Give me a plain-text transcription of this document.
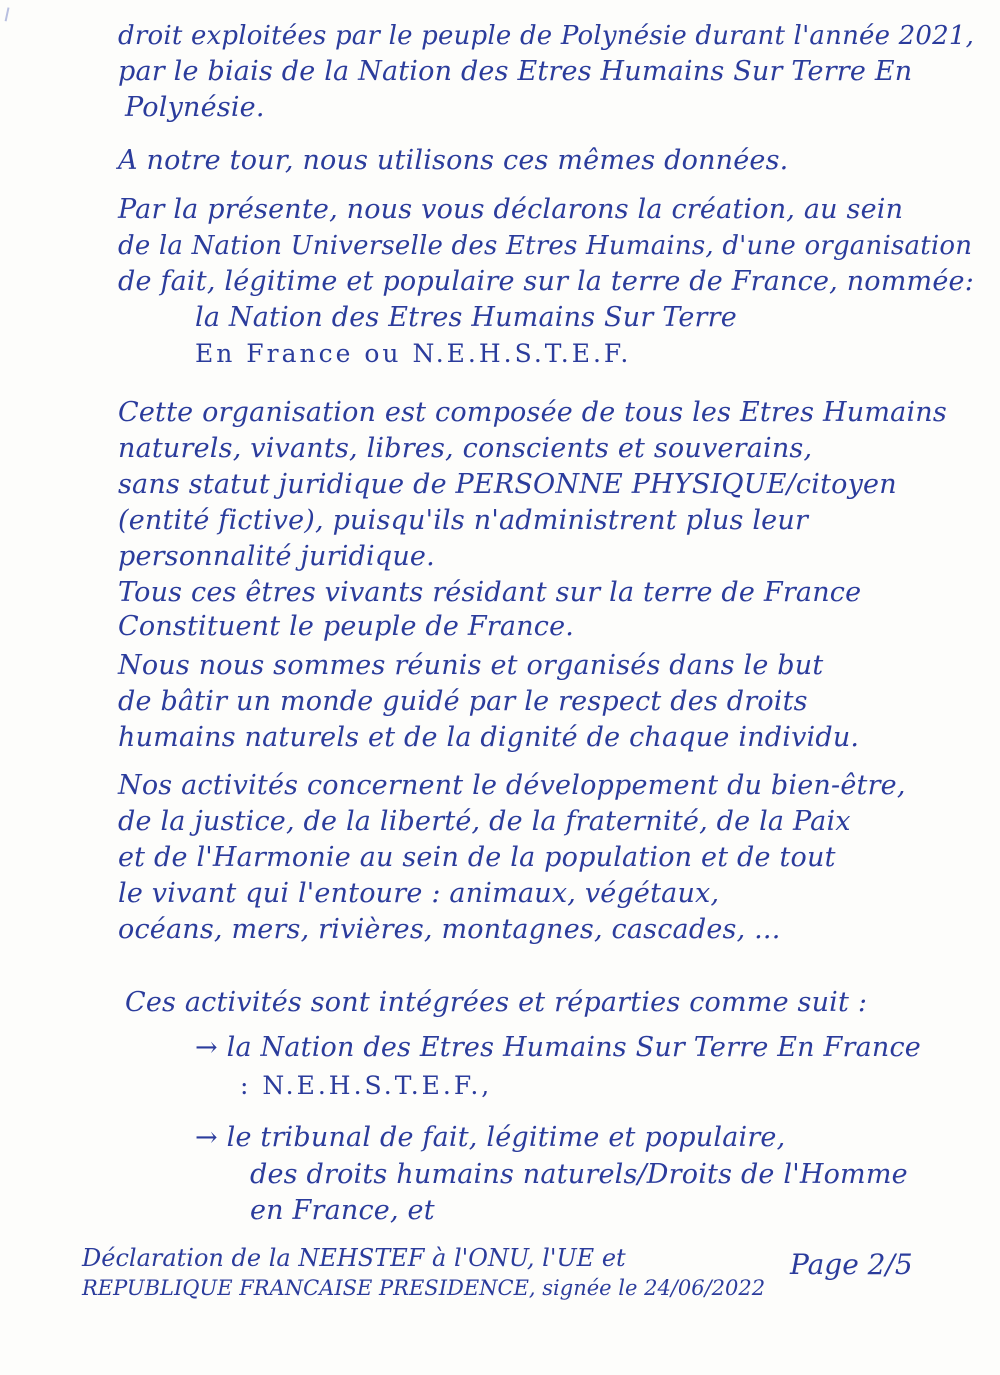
droit exploitées par le peuple de Polynésie durant l'année 2021,
par le biais de la Nation des Etres Humains Sur Terre En
Polynésie.
A notre tour, nous utilisons ces mêmes données.
Par la présente, nous vous déclarons la création, au sein
de la Nation Universelle des Etres Humains, d'une organisation
de fait, légitime et populaire sur la terre de France, nommée:
la Nation des Etres Humains Sur Terre
En France ou N.E.H.S.T.E.F.
Cette organisation est composée de tous les Etres Humains
naturels, vivants, libres, conscients et souverains,
sans statut juridique de PERSONNE PHYSIQUE/citoyen
(entité fictive), puisqu'ils n'administrent plus leur
personnalité juridique.
Tous ces êtres vivants résidant sur la terre de France
Constituent le peuple de France.
Nous nous sommes réunis et organisés dans le but
de bâtir un monde guidé par le respect des droits
humains naturels et de la dignité de chaque individu.
Nos activités concernent le développement du bien-être,
de la justice, de la liberté, de la fraternité, de la Paix
et de l'Harmonie au sein de la population et de tout
le vivant qui l'entoure : animaux, végétaux,
océans, mers, rivières, montagnes, cascades, ...
Ces activités sont intégrées et réparties comme suit :
→ la Nation des Etres Humains Sur Terre En France
: N.E.H.S.T.E.F.,
→ le tribunal de fait, légitime et populaire,
des droits humains naturels/Droits de l'Homme
en France, et
Déclaration de la NEHSTEF à l'ONU, l'UE et
REPUBLIQUE FRANCAISE PRESIDENCE, signée le 24/06/2022
Page 2/5
